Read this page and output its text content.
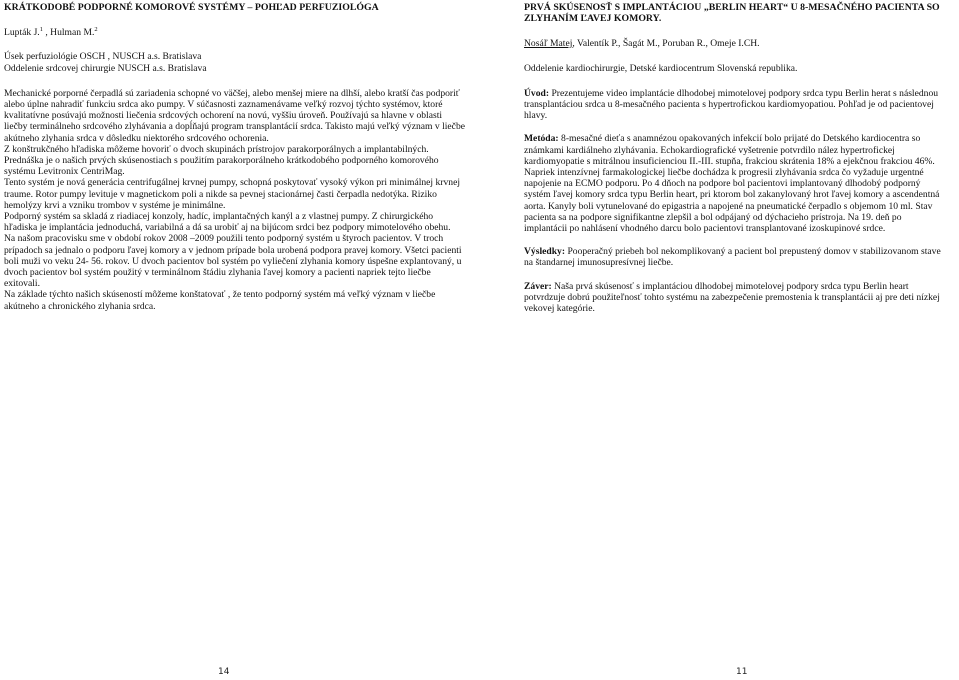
KRÁTKODOBÉ PODPORNÉ KOMOROVÉ SYSTÉMY – POHĽAD PERFUZIOLÓGA

Lupták J.$^1$ , Hulman M.$^2$

Úsek perfuziológie OSCH , NUSCH a.s. Bratislava

Oddelenie srdcovej chirurgie NUSCH a.s. Bratislava

Mechanické porporné čerpadlá sú zariadenia schopné vo väčšej, alebo menšej miere na dlhší, alebo kratší čas podporiť alebo úplne nahradiť funkciu srdca ako pumpy. V súčasnosti zaznamenávame veľký rozvoj týchto systémov, ktoré kvalitatívne posúvajú možnosti liečenia srdcových ochorení na novú, vyššiu úroveň. Používajú sa hlavne v oblasti liečby terminálneho srdcového zlyhávania a dopĺňajú program transplantácií srdca. Takisto majú veľký význam v liečbe akútneho zlyhania srdca v dôsledku niektorého srdcového ochorenia.

Z konštrukčného hľadiska môžeme hovoriť o dvoch skupinách prístrojov parakorporálnych a implantabilných.

Prednáška je o našich prvých skúsenostiach s použitím parakorporálneho krátkodobého podporného komorového systému Levitronix CentriMag.

Tento systém je nová generácia centrifugálnej krvnej pumpy, schopná poskytovať vysoký výkon pri minimálnej krvnej traume. Rotor pumpy levituje v magnetickom poli a nikde sa pevnej stacionárnej časti čerpadla nedotýka. Riziko hemolýzy krvi a vzniku trombov v systéme je minimálne.

Podporný systém sa skladá z riadiacej konzoly, hadíc, implantačných kanýl a z vlastnej pumpy. Z chirurgického hľadiska je implantácia jednoduchá, variabilná a dá sa urobiť aj na bijúcom srdci bez podpory mimotelového obehu.

Na našom pracovisku sme v období rokov 2008 –2009 použili tento podporný systém u štyroch pacientov. V troch prípadoch sa jednalo o podporu ľavej komory a v jednom prípade bola urobená podpora pravej komory. Všetci pacienti boli muži vo veku 24- 56. rokov. U dvoch pacientov bol systém po vyliečení zlyhania komory úspešne explantovaný, u dvoch pacientov bol systém použitý v terminálnom štádiu zlyhania ľavej komory a pacienti napriek tejto liečbe exitovali.

Na základe týchto našich skúseností môžeme konštatovať , že tento podporný systém má veľký význam v liečbe akútneho a chronického zlyhania srdca.

14

PRVÁ SKÚSENOSŤ S IMPLANTÁCIOU „BERLIN HEART“ U 8-MESAČNÉHO PACIENTA SO ZLYHANÍM ĽAVEJ KOMORY.

Nosáľ Matej, Valentík P., Šagát M., Poruban R., Omeje I.CH.

Oddelenie kardiochirurgie, Detské kardiocentrum Slovenská republika.

Úvod: Prezentujeme video implantácie dlhodobej mimotelovej podpory srdca typu Berlin herat s následnou transplantáciou srdca u 8-mesačného pacienta s hypertrofickou kardiomyopatiou. Pohľad je od pacientovej hlavy.

Metóda: 8-mesačné dieťa s anamnézou opakovaných infekcií bolo prijaté do Detského kardiocentra so známkami kardiálneho zlyhávania. Echokardiografické vyšetrenie potvrdilo nález hypertrofickej kardiomyopatie s mitrálnou insuficienciou II.-III. stupňa, frakciou skrátenia 18% a ejekčnou frakciou 46%. Napriek intenzívnej farmakologickej liečbe dochádza k progresii zlyhávania srdca čo vyžaduje urgentné napojenie na ECMO podporu. Po 4 dňoch na podpore bol pacientovi implantovaný dlhodobý podporný systém ľavej komory srdca typu Berlin heart, pri ktorom bol zakanylovaný hrot ľavej komory a ascendentná aorta. Kanyly boli vytunelované do epigastria a napojené na pneumatické čerpadlo s objemom 10 ml. Stav pacienta sa na podpore signifikantne zlepšil a bol odpájaný od dýchacieho prístroja. Na 19. deň po implantácii po nahlásení vhodného darcu bolo pacientovi transplantované izoskupinové srdce.

Výsledky: Pooperačný priebeh bol nekomplikovaný a pacient bol prepustený domov v stabilizovanom stave na štandarnej imunosupresívnej liečbe.

Záver: Naša prvá skúsenosť s implantáciou dlhodobej mimotelovej podpory srdca typu Berlin heart potvrdzuje dobrú použiteľnosť tohto systému na zabezpečenie premostenia k transplantácii aj pre deti nízkej vekovej kategórie.

11
